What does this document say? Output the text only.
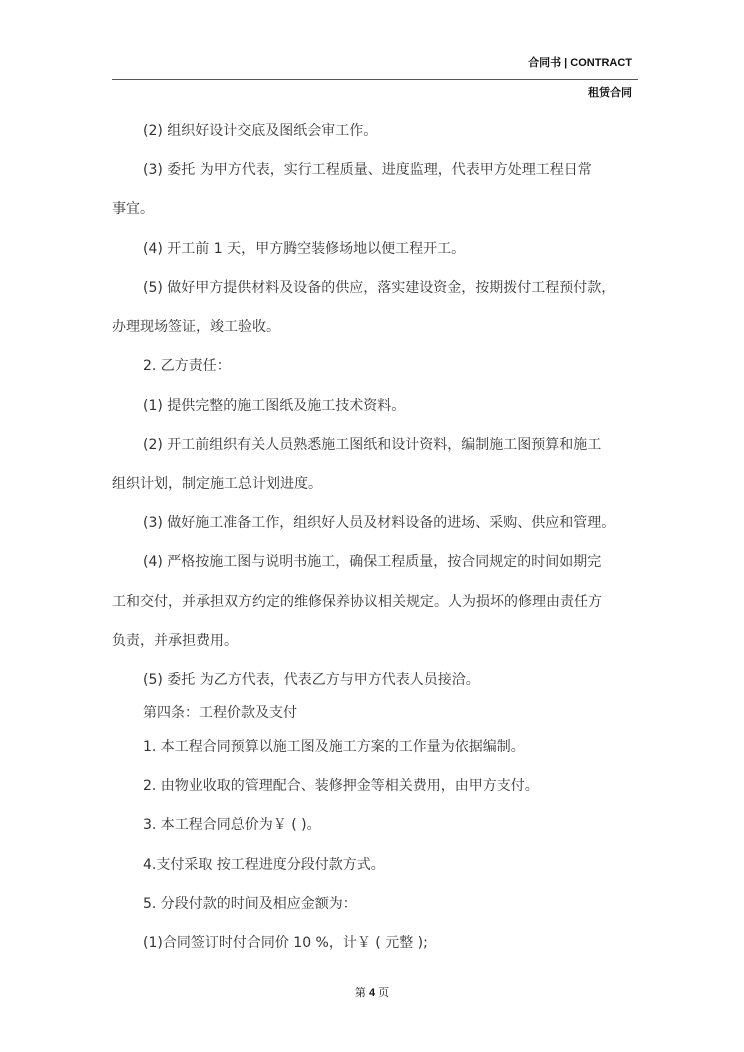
合同书 | CONTRACT
租赁合同
(2) 组织好设计交底及图纸会审工作。
(3) 委托 为甲方代表，实行工程质量、进度监理，代表甲方处理工程日常
事宜。
(4) 开工前 1 天，甲方腾空装修场地以便工程开工。
(5) 做好甲方提供材料及设备的供应，落实建设资金，按期拨付工程预付款，
办理现场签证，竣工验收。
2. 乙方责任：
(1) 提供完整的施工图纸及施工技术资料。
(2) 开工前组织有关人员熟悉施工图纸和设计资料，编制施工图预算和施工
组织计划，制定施工总计划进度。
(3) 做好施工准备工作，组织好人员及材料设备的进场、采购、供应和管理。
(4) 严格按施工图与说明书施工，确保工程质量，按合同规定的时间如期完
工和交付，并承担双方约定的维修保养协议相关规定。人为损坏的修理由责任方
负责，并承担费用。
(5) 委托 为乙方代表，代表乙方与甲方代表人员接洽。
第四条：工程价款及支付
1. 本工程合同预算以施工图及施工方案的工作量为依据编制。
2. 由物业收取的管理配合、装修押金等相关费用，由甲方支付。
3. 本工程合同总价为￥ ( )。
4.支付采取 按工程进度分段付款方式。
5. 分段付款的时间及相应金额为：
(1)合同签订时付合同价 10 %，计￥ ( 元整 );
第 4 页
